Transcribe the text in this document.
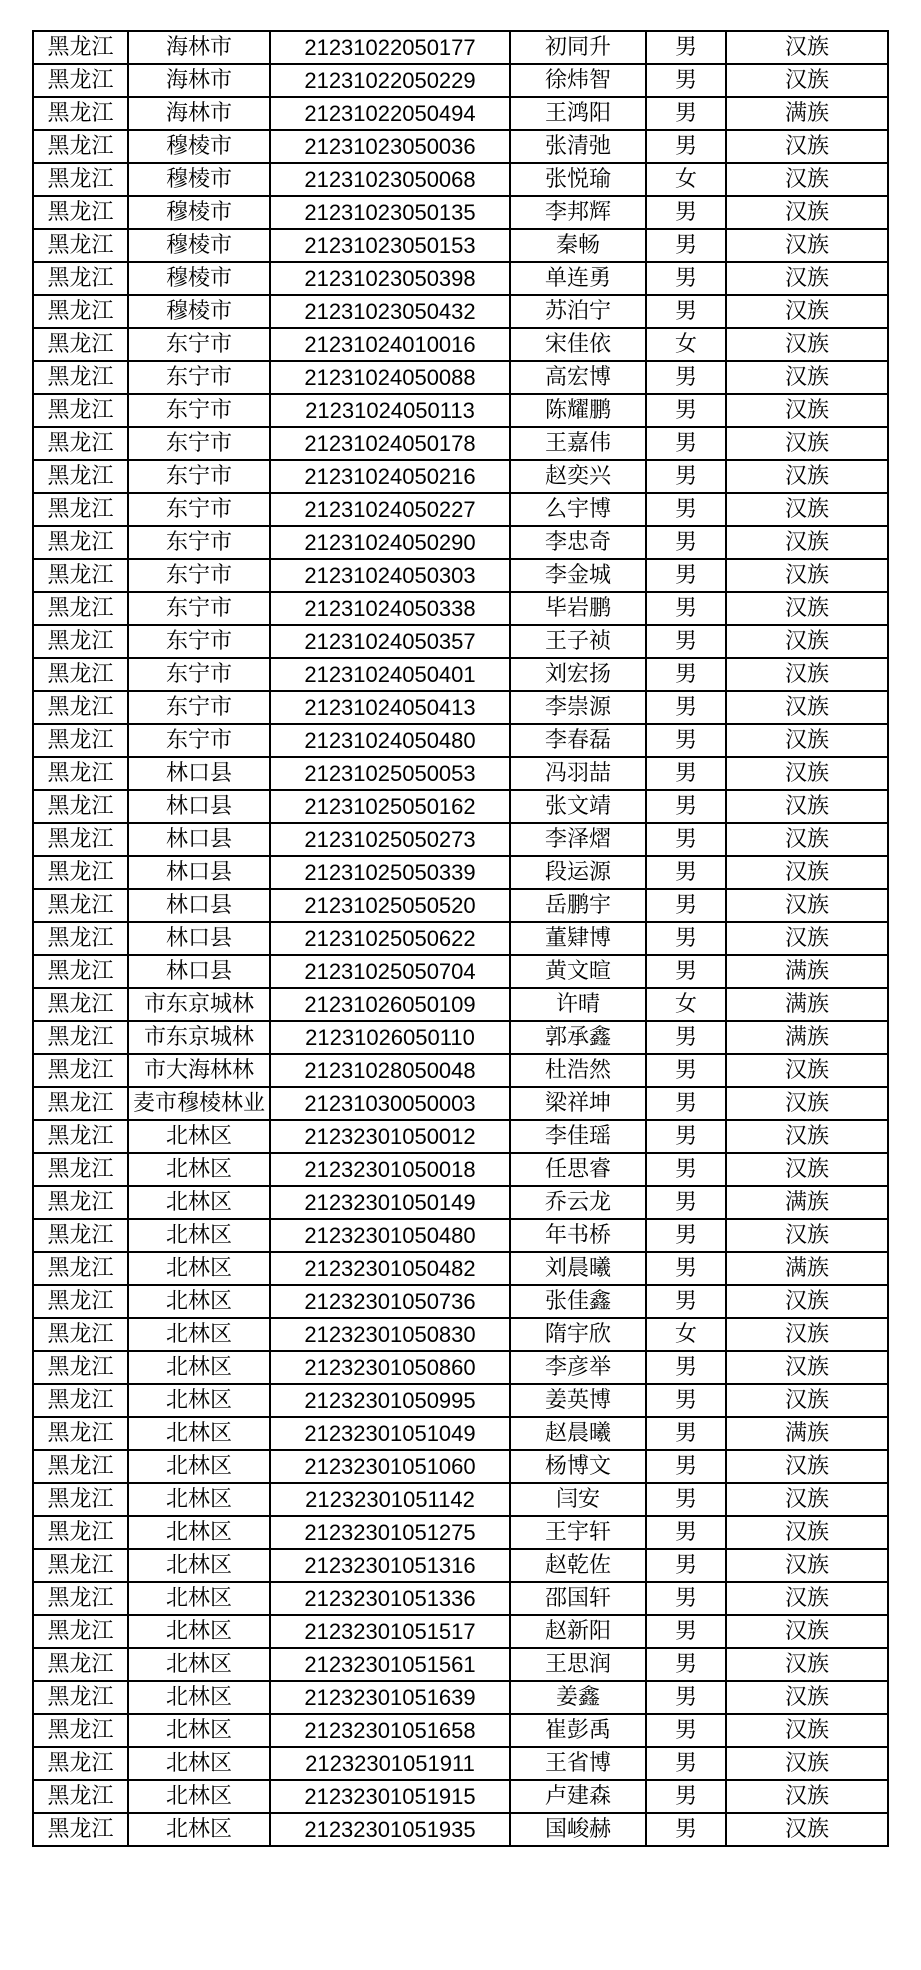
黑龙江	海林市	21231022050177	初同升	男	汉族
黑龙江	海林市	21231022050229	徐炜智	男	汉族
黑龙江	海林市	21231022050494	王鸿阳	男	满族
黑龙江	穆棱市	21231023050036	张清弛	男	汉族
黑龙江	穆棱市	21231023050068	张悦瑜	女	汉族
黑龙江	穆棱市	21231023050135	李邦辉	男	汉族
黑龙江	穆棱市	21231023050153	秦畅	男	汉族
黑龙江	穆棱市	21231023050398	单连勇	男	汉族
黑龙江	穆棱市	21231023050432	苏泊宁	男	汉族
黑龙江	东宁市	21231024010016	宋佳依	女	汉族
黑龙江	东宁市	21231024050088	高宏博	男	汉族
黑龙江	东宁市	21231024050113	陈耀鹏	男	汉族
黑龙江	东宁市	21231024050178	王嘉伟	男	汉族
黑龙江	东宁市	21231024050216	赵奕兴	男	汉族
黑龙江	东宁市	21231024050227	么宇博	男	汉族
黑龙江	东宁市	21231024050290	李忠奇	男	汉族
黑龙江	东宁市	21231024050303	李金城	男	汉族
黑龙江	东宁市	21231024050338	毕岩鹏	男	汉族
黑龙江	东宁市	21231024050357	王子祯	男	汉族
黑龙江	东宁市	21231024050401	刘宏扬	男	汉族
黑龙江	东宁市	21231024050413	李崇源	男	汉族
黑龙江	东宁市	21231024050480	李春磊	男	汉族
黑龙江	林口县	21231025050053	冯羽喆	男	汉族
黑龙江	林口县	21231025050162	张文靖	男	汉族
黑龙江	林口县	21231025050273	李泽熠	男	汉族
黑龙江	林口县	21231025050339	段运源	男	汉族
黑龙江	林口县	21231025050520	岳鹏宇	男	汉族
黑龙江	林口县	21231025050622	董肄博	男	汉族
黑龙江	林口县	21231025050704	黄文暄	男	满族
黑龙江	市东京城林	21231026050109	许晴	女	满族
黑龙江	市东京城林	21231026050110	郭承鑫	男	满族
黑龙江	市大海林林	21231028050048	杜浩然	男	汉族
黑龙江	麦市穆棱林业	21231030050003	梁祥坤	男	汉族
黑龙江	北林区	21232301050012	李佳瑶	男	汉族
黑龙江	北林区	21232301050018	任思睿	男	汉族
黑龙江	北林区	21232301050149	乔云龙	男	满族
黑龙江	北林区	21232301050480	年书桥	男	汉族
黑龙江	北林区	21232301050482	刘晨曦	男	满族
黑龙江	北林区	21232301050736	张佳鑫	男	汉族
黑龙江	北林区	21232301050830	隋宇欣	女	汉族
黑龙江	北林区	21232301050860	李彦举	男	汉族
黑龙江	北林区	21232301050995	姜英博	男	汉族
黑龙江	北林区	21232301051049	赵晨曦	男	满族
黑龙江	北林区	21232301051060	杨博文	男	汉族
黑龙江	北林区	21232301051142	闫安	男	汉族
黑龙江	北林区	21232301051275	王宇轩	男	汉族
黑龙江	北林区	21232301051316	赵乾佐	男	汉族
黑龙江	北林区	21232301051336	邵国轩	男	汉族
黑龙江	北林区	21232301051517	赵新阳	男	汉族
黑龙江	北林区	21232301051561	王思润	男	汉族
黑龙江	北林区	21232301051639	姜鑫	男	汉族
黑龙江	北林区	21232301051658	崔彭禹	男	汉族
黑龙江	北林区	21232301051911	王省博	男	汉族
黑龙江	北林区	21232301051915	卢建森	男	汉族
黑龙江	北林区	21232301051935	国峻赫	男	汉族
